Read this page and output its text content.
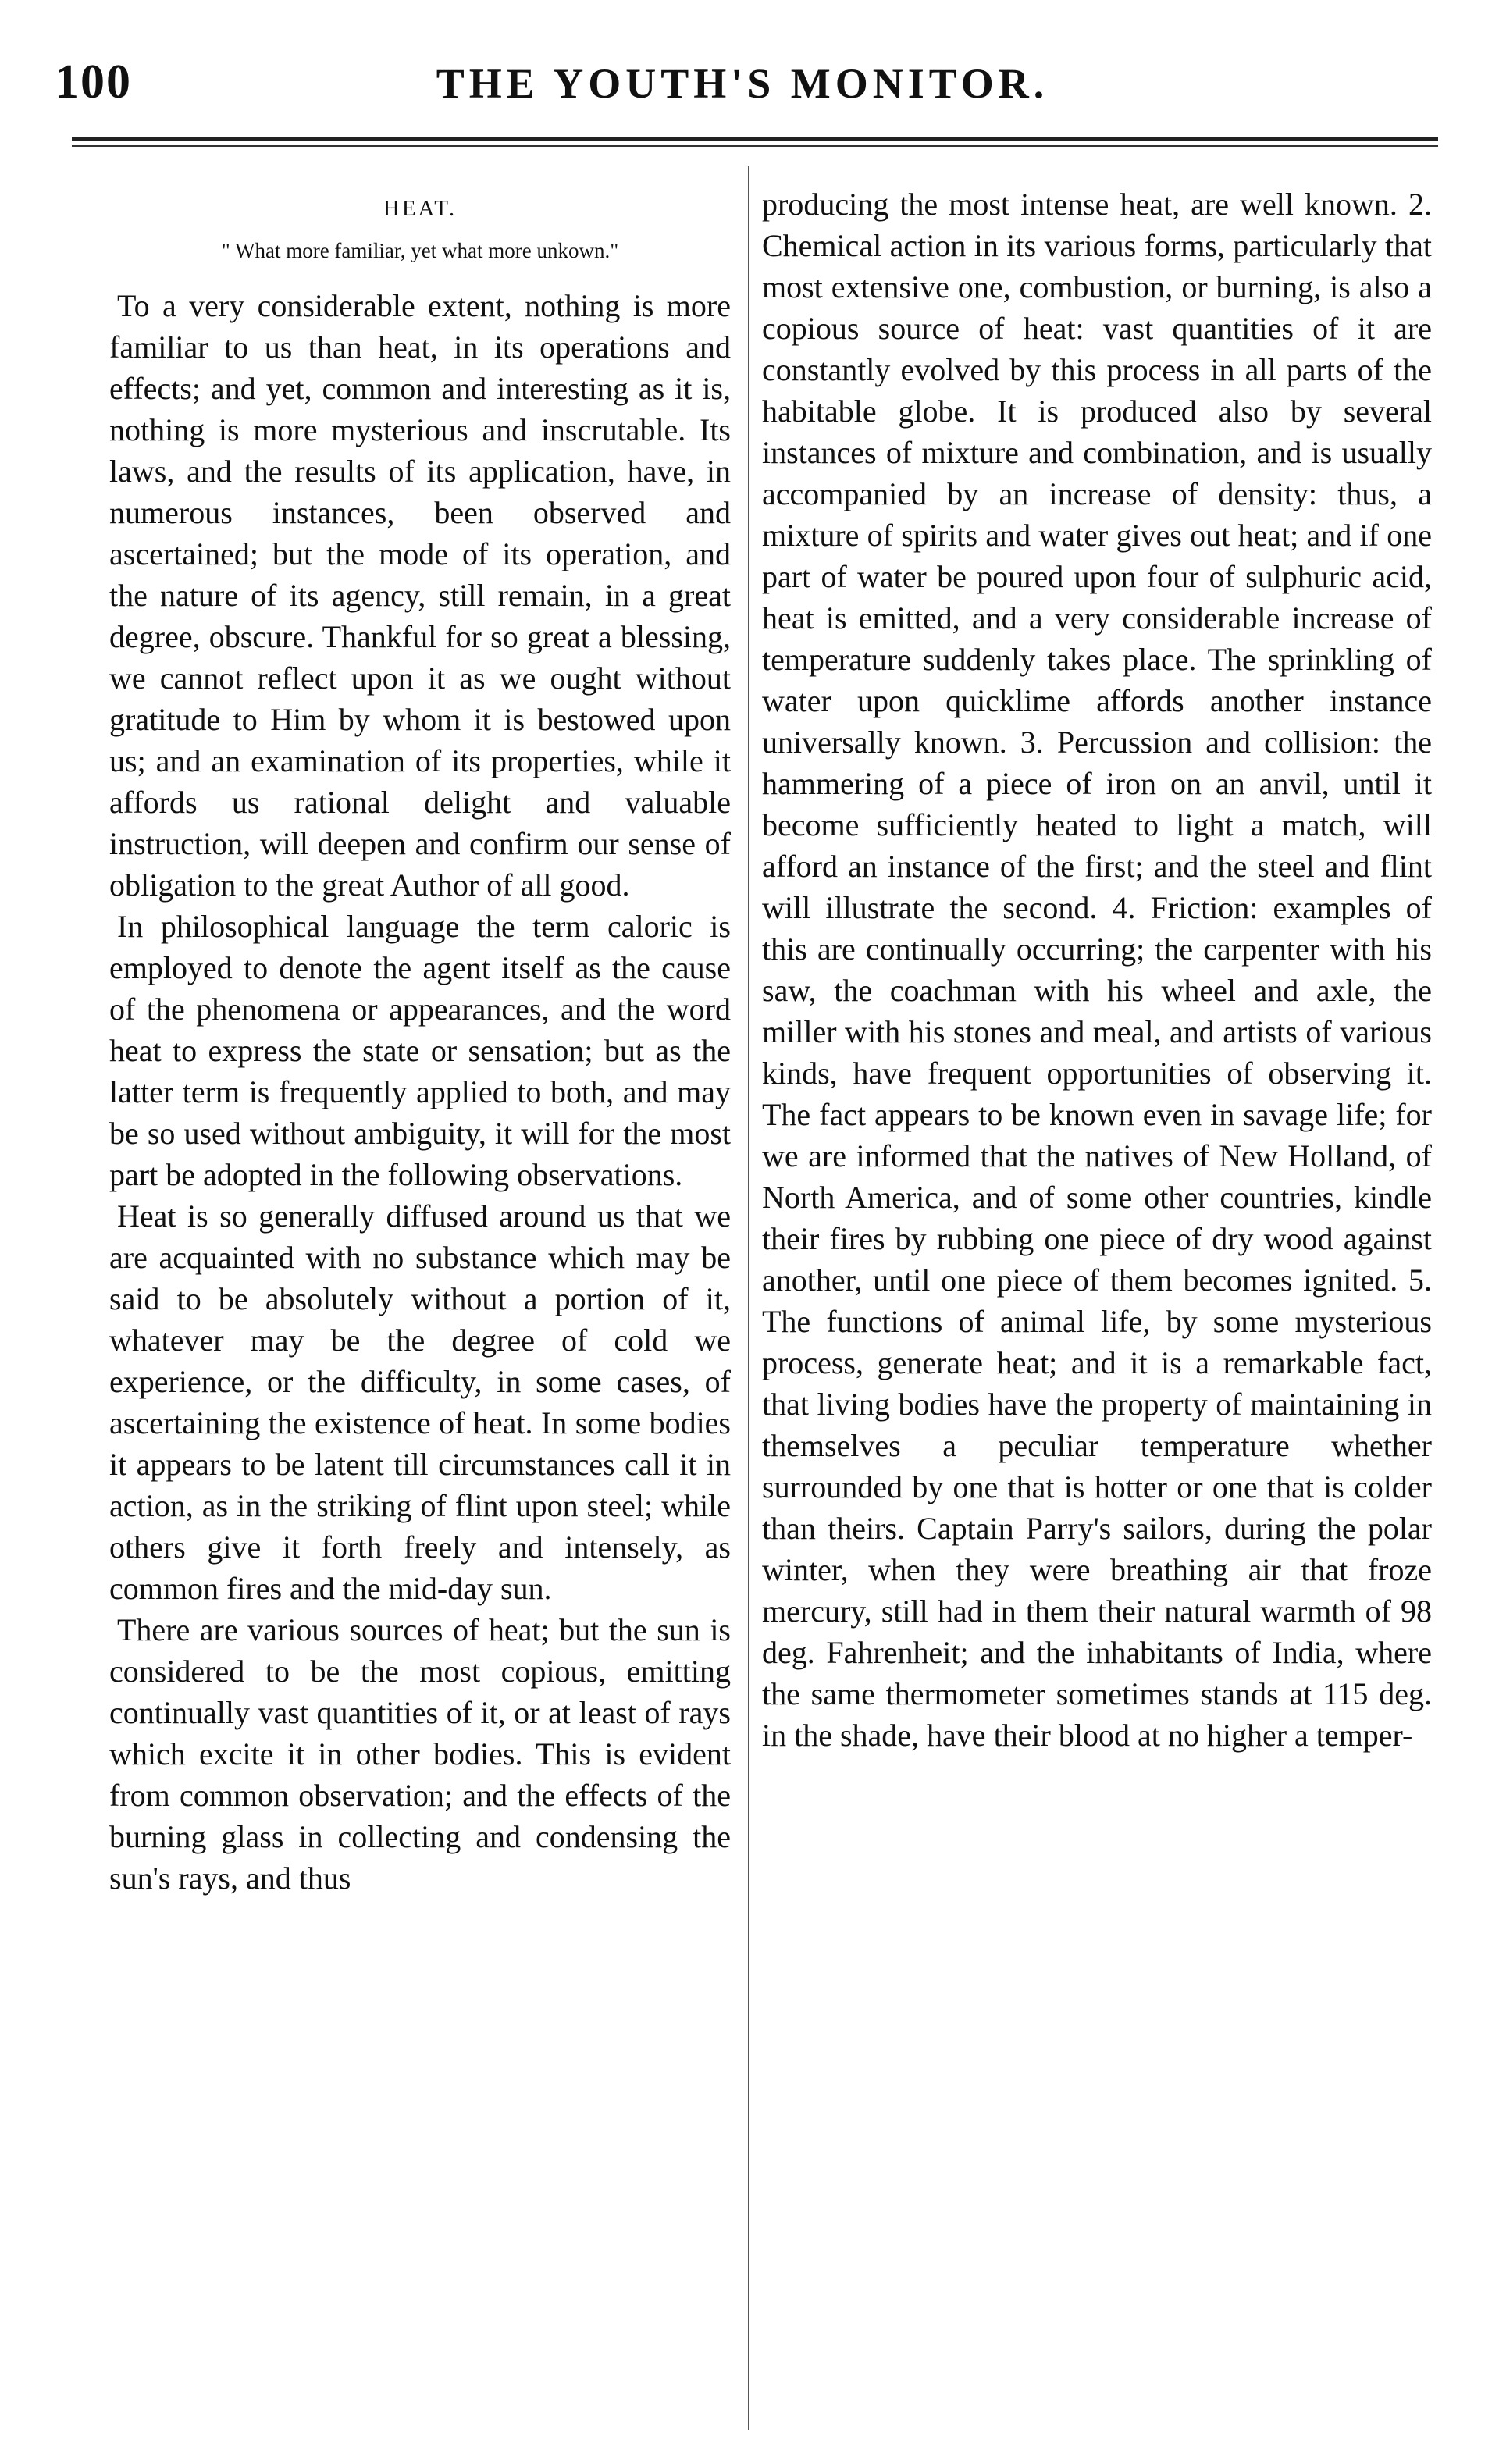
100	THE YOUTH'S MONITOR.
HEAT.
" What more familiar, yet what more unkown."

To a very considerable extent, nothing is more familiar to us than heat, in its operations and effects; and yet, common and interesting as it is, nothing is more mysterious and inscrutable. Its laws, and the results of its application, have, in numerous instances, been observed and ascertained; but the mode of its operation, and the nature of its agency, still remain, in a great degree, obscure. Thankful for so great a blessing, we cannot reflect upon it as we ought without gratitude to Him by whom it is bestowed upon us; and an examination of its properties, while it affords us rational delight and valuable instruction, will deepen and confirm our sense of obligation to the great Author of all good.

In philosophical language the term caloric is employed to denote the agent itself as the cause of the phenomena or appearances, and the word heat to express the state or sensation; but as the latter term is frequently applied to both, and may be so used without ambiguity, it will for the most part be adopted in the following observations.

Heat is so generally diffused around us that we are acquainted with no substance which may be said to be absolutely without a portion of it, whatever may be the degree of cold we experience, or the difficulty, in some cases, of ascertaining the existence of heat. In some bodies it appears to be latent till circumstances call it in action, as in the striking of flint upon steel; while others give it forth freely and intensely, as common fires and the mid-day sun.

There are various sources of heat; but the sun is considered to be the most copious, emitting continually vast quantities of it, or at least of rays which excite it in other bodies. This is evident from common observation; and the effects of the burning glass in collecting and condensing the sun's rays, and thus

producing the most intense heat, are well known. 2. Chemical action in its various forms, particularly that most extensive one, combustion, or burning, is also a copious source of heat: vast quantities of it are constantly evolved by this process in all parts of the habitable globe. It is produced also by several instances of mixture and combination, and is usually accompanied by an increase of density: thus, a mixture of spirits and water gives out heat; and if one part of water be poured upon four of sulphuric acid, heat is emitted, and a very considerable increase of temperature suddenly takes place. The sprinkling of water upon quicklime affords another instance universally known. 3. Percussion and collision: the hammering of a piece of iron on an anvil, until it become sufficiently heated to light a match, will afford an instance of the first; and the steel and flint will illustrate the second. 4. Friction: examples of this are continually occurring; the carpenter with his saw, the coachman with his wheel and axle, the miller with his stones and meal, and artists of various kinds, have frequent opportunities of observing it. The fact appears to be known even in savage life; for we are informed that the natives of New Holland, of North America, and of some other countries, kindle their fires by rubbing one piece of dry wood against another, until one piece of them becomes ignited. 5. The functions of animal life, by some mysterious process, generate heat; and it is a remarkable fact, that living bodies have the property of maintaining in themselves a peculiar temperature whether surrounded by one that is hotter or one that is colder than theirs. Captain Parry's sailors, during the polar winter, when they were breathing air that froze mercury, still had in them their natural warmth of 98 deg. Fahrenheit; and the inhabitants of India, where the same thermometer sometimes stands at 115 deg. in the shade, have their blood at no higher a temper-
